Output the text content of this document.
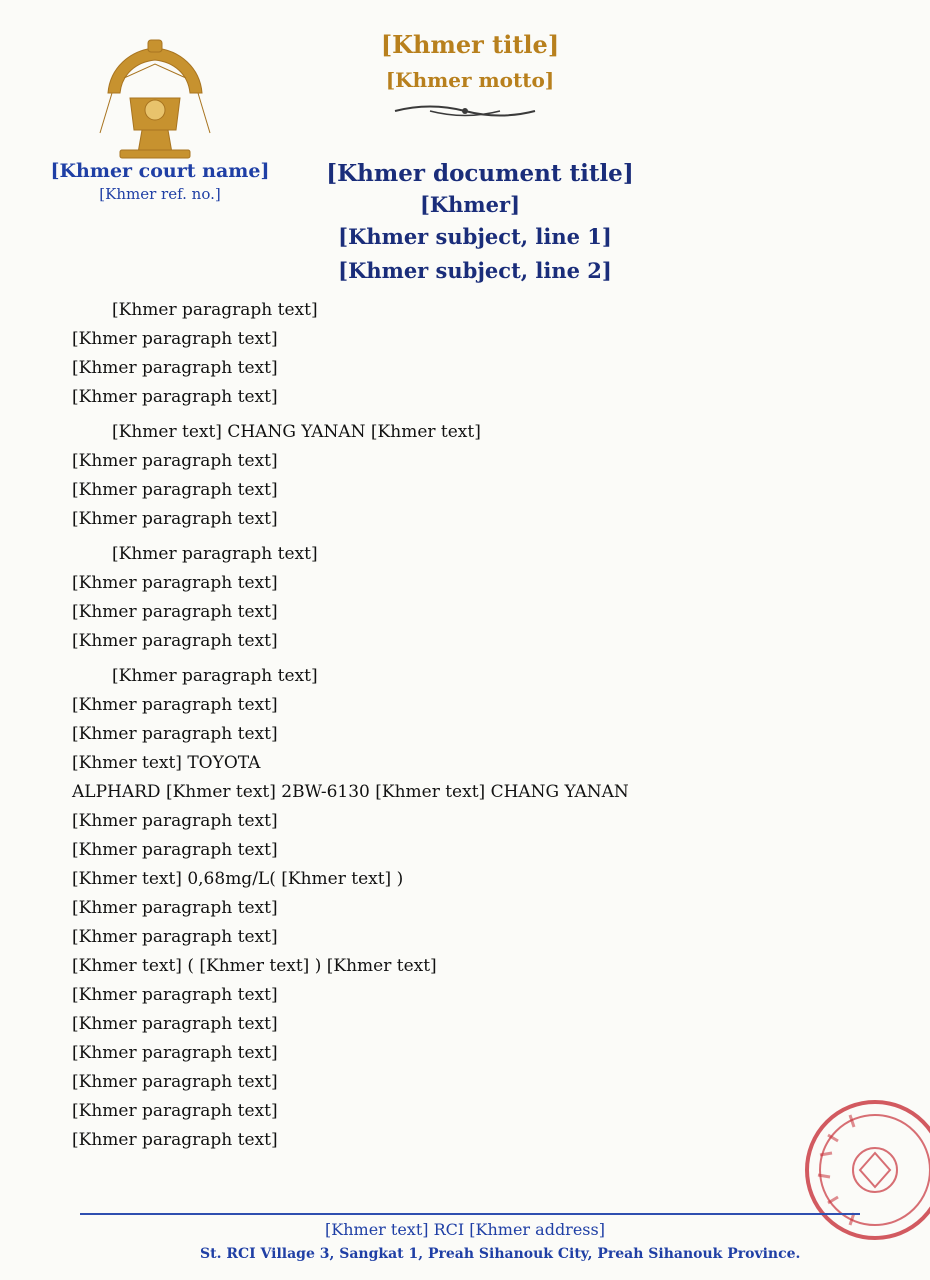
[Khmer court name]
[Khmer ref. no.]
[Khmer title]
[Khmer motto]
[Khmer document title]
[Khmer]
[Khmer subject, line 1]
[Khmer subject, line 2]
[Khmer paragraph text]
[Khmer paragraph text]
[Khmer paragraph text]
[Khmer paragraph text]
[Khmer text] CHANG YANAN [Khmer text]
[Khmer paragraph text]
[Khmer paragraph text]
[Khmer paragraph text]
[Khmer paragraph text]
[Khmer paragraph text]
[Khmer paragraph text]
[Khmer paragraph text]
[Khmer paragraph text]
[Khmer paragraph text]
[Khmer paragraph text]
[Khmer text] TOYOTA
ALPHARD [Khmer text] 2BW-6130 [Khmer text] CHANG YANAN
[Khmer paragraph text]
[Khmer paragraph text]
[Khmer text] 0,68mg/L( [Khmer text] )
[Khmer paragraph text]
[Khmer paragraph text]
[Khmer text] ( [Khmer text] ) [Khmer text]
[Khmer paragraph text]
[Khmer paragraph text]
[Khmer paragraph text]
[Khmer paragraph text]
[Khmer paragraph text]
[Khmer paragraph text]
[Khmer text] RCI [Khmer address]
St. RCI Village 3, Sangkat 1, Preah Sihanouk City, Preah Sihanouk Province.
